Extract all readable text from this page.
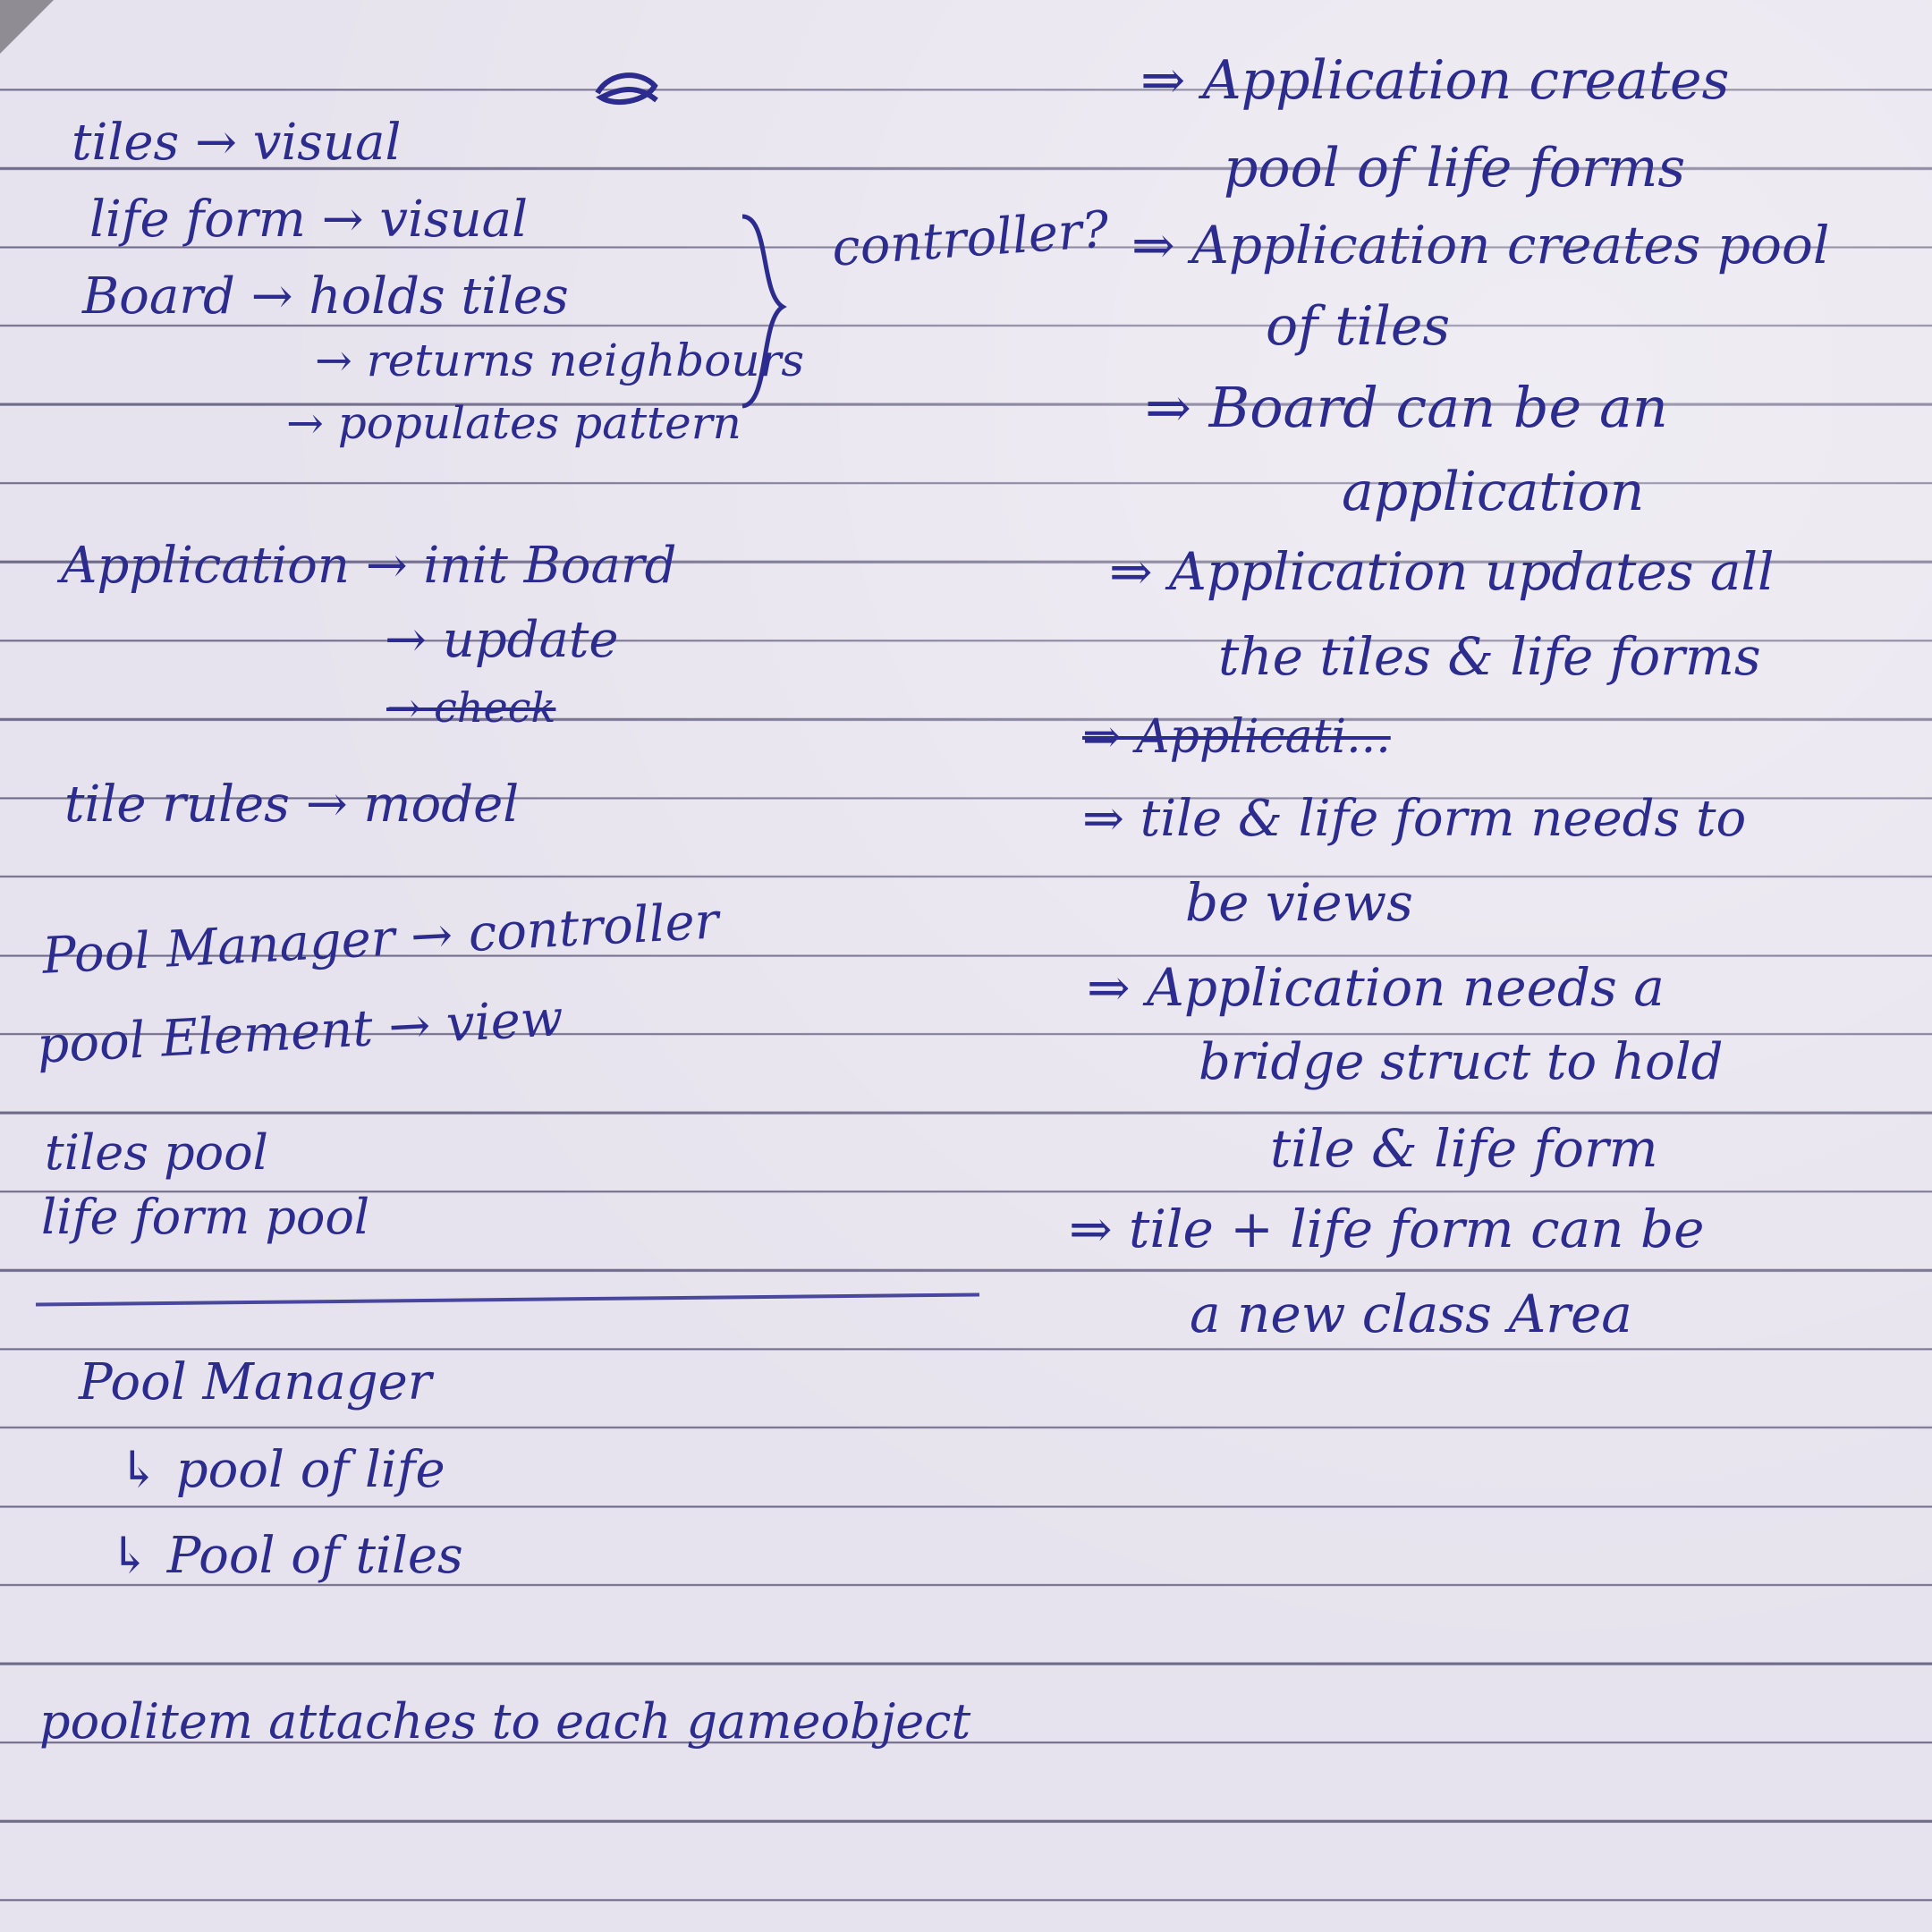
tiles → visual
life form → visual
Board → holds tiles
→ returns neighbours
→ populates pattern
controller?
Application → init Board
→ update
→ check
tile rules → model
Pool Manager → controller
pool Element → view
tiles pool
life form pool
Pool Manager
↳ pool of life
↳ Pool of tiles
poolitem attaches to each gameobject
⇒ Application creates
pool of life forms
⇒ Application creates pool
of tiles
⇒ Board can be an
application
⇒ Application updates all
the tiles & life forms
⇒ Applicati...
⇒ tile & life form needs to
be views
⇒ Application needs a
bridge struct to hold
tile & life form
⇒ tile + life form can be
a new class Area
